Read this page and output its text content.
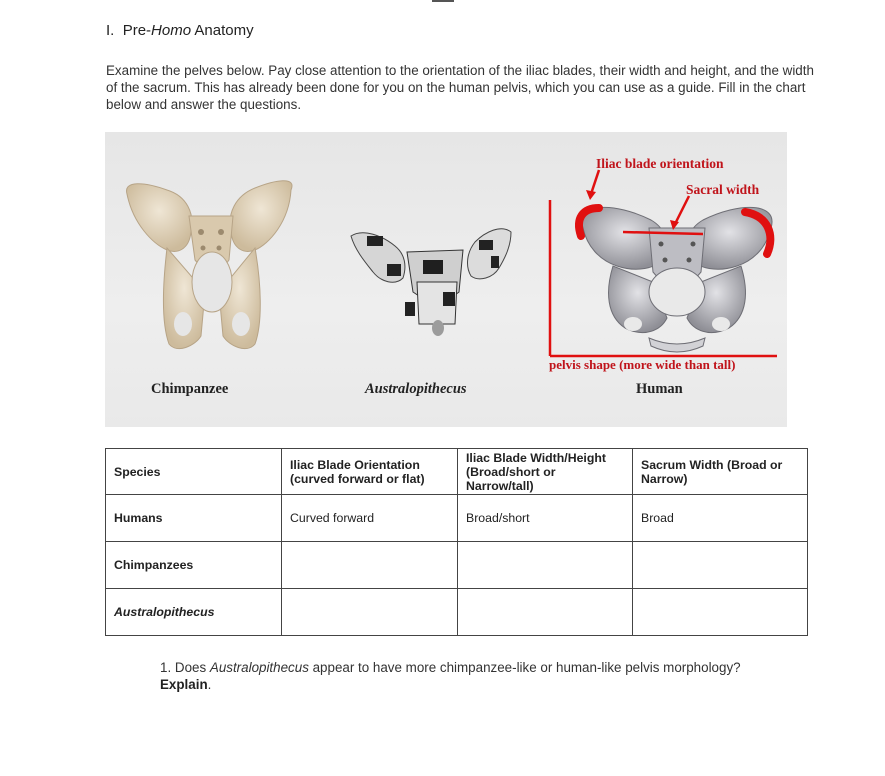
I. Pre-Homo Anatomy

Examine the pelves below. Pay close attention to the orientation of the iliac blades, their width and height, and the width of the sacrum. This has already been done for you on the human pelvis, which you can use as a guide. Fill in the chart below and answer the questions.

Iliac blade orientation
Sacral width
pelvis shape (more wide than tall)
Chimpanzee	Australopithecus	Human
Species	Iliac Blade Orientation (curved forward or flat)	Iliac Blade Width/Height (Broad/short or Narrow/tall)	Sacrum Width (Broad or Narrow)
Humans	Curved forward	Broad/short	Broad
Chimpanzees			
Australopithecus			

1. Does Australopithecus appear to have more chimpanzee-like or human-like pelvis morphology? Explain.
